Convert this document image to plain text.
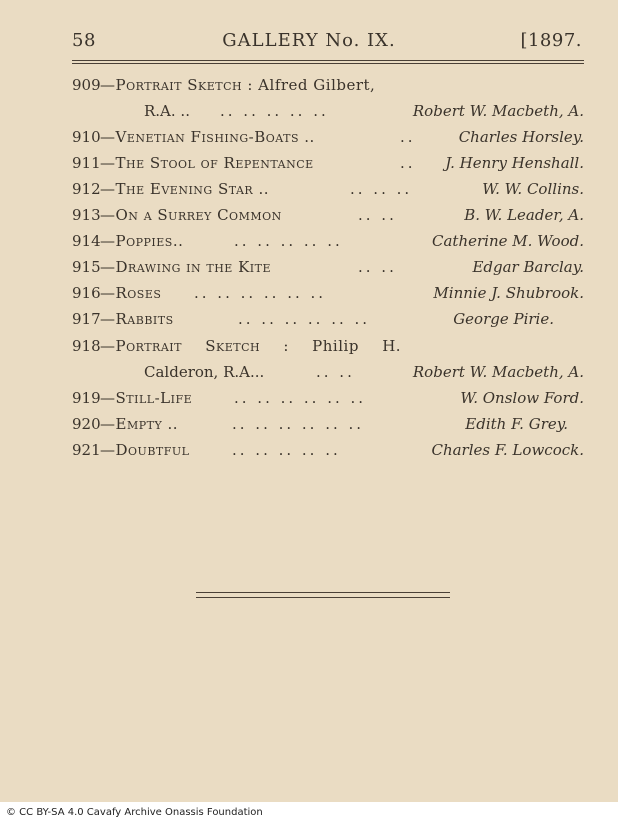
58	GALLERY No. IX.	[1897.
909 —Portrait Sketch : Alfred Gilbert,
R.A. .. .. .. .. .. ..	Robert W. Macbeth, A.
910 —Venetian Fishing-Boats ..	..	Charles Horsley.
911 —The Stool of Repentance	.. J. Henry Henshall.
912 —The Evening Star ..	.. .. ..	W. W. Collins.
913 —On a Surrey Common	.. ..	B. W. Leader, A.
914 —Poppies..	.. .. .. .. ..	Catherine M. Wood.
915 —Drawing in the Kite	.. ..	Edgar Barclay.
916 —Roses .. .. .. .. .. ..	Minnie J. Shubrook.
917 —Rabbits	.. .. .. .. .. ..	George Pirie.
918 —Portrait Sketch : Philip H.
Calderon, R.A...	.. ..	Robert W. Macbeth, A.
919 —Still-Life	.. .. .. .. .. ..	W. Onslow Ford.
920 —Empty ..	.. .. .. .. .. ..	Edith F. Grey.
921 —Doubtful	.. .. .. .. ..	Charles F. Lowcock.
© CC BY-SA 4.0 Cavafy Archive Onassis Foundation
